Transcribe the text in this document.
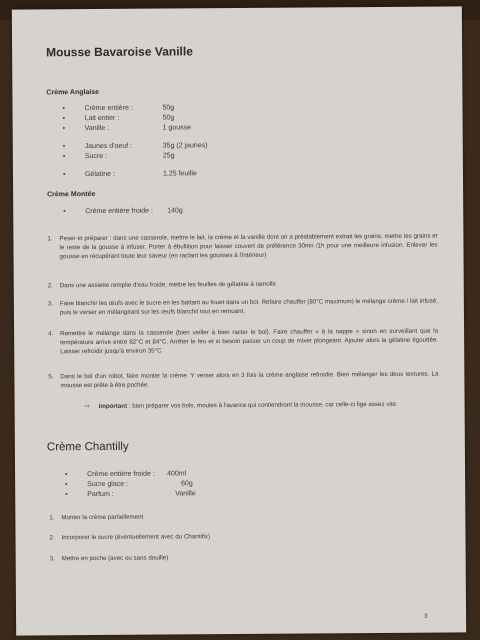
Mousse Bavaroise Vanille
Crème Anglaise
•	Crème entière :	50g
•	Lait entier :	50g
•	Vanille :	1 gousse
•	Jaunes d'oeuf :	35g (2 jaunes)
•	Sucre :	25g
•	Gélatine :	1,25 feuille
Crème Montée
•	Crème entière froide :	140g
1.	Peser et préparer : dans une casserole, mettre le lait, la crème et la vanille dont on a préalablement extrait les grains, mettre les grains et le reste de la gousse à infuser. Porter à ébullition pour laisser couvert de préférence 30mn /1h pour une meilleure infusion. Enlever les gousse en récupérant toute leur saveur (en raclant les gousses à l'intérieur)
2.	Dans une assiette remplie d'eau froide, mettre les feuilles de gélatine à ramollir.
3.	Faire blanchir les œufs avec le sucre en les battant au fouet dans un bol. Refaire chauffer (80°C maximum) le mélange crème / lait infusé, puis le verser en mélangeant sur les œufs blanchit tout en remuant.
4.	Remettre le mélange dans la casserole (bien veiller à bien racler le bol). Faire chauffer « à la nappe » sinon en surveillant que la température arrive entre 82°C et 84°C. Arrêter le feu et si besoin passer un coup de mixer plongeant. Ajouter alors la gélatine égouttée. Laisser refroidir jusqu'à environ 35°C
5.	Dans le bol d'un robot, faire monter la crème. Y verser alors en 3 fois la crème anglaise refroidie. Bien mélanger les deux textures. La mousse est prête à être pochée.
⇨	Important : bien préparer vos bols, moules à l'avance qui contiendront la mousse, car celle-ci fige assez vite.
Crème Chantilly
•	Crème entière froide :	400ml
•	Sucre glace :	60g
•	Parfum :	Vanille
1.	Monter la crème partiellement
2.	Incorporer le sucre (éventuellement avec du Chantifix)
3.	Mettre en poche (avec ou sans douille)
3
